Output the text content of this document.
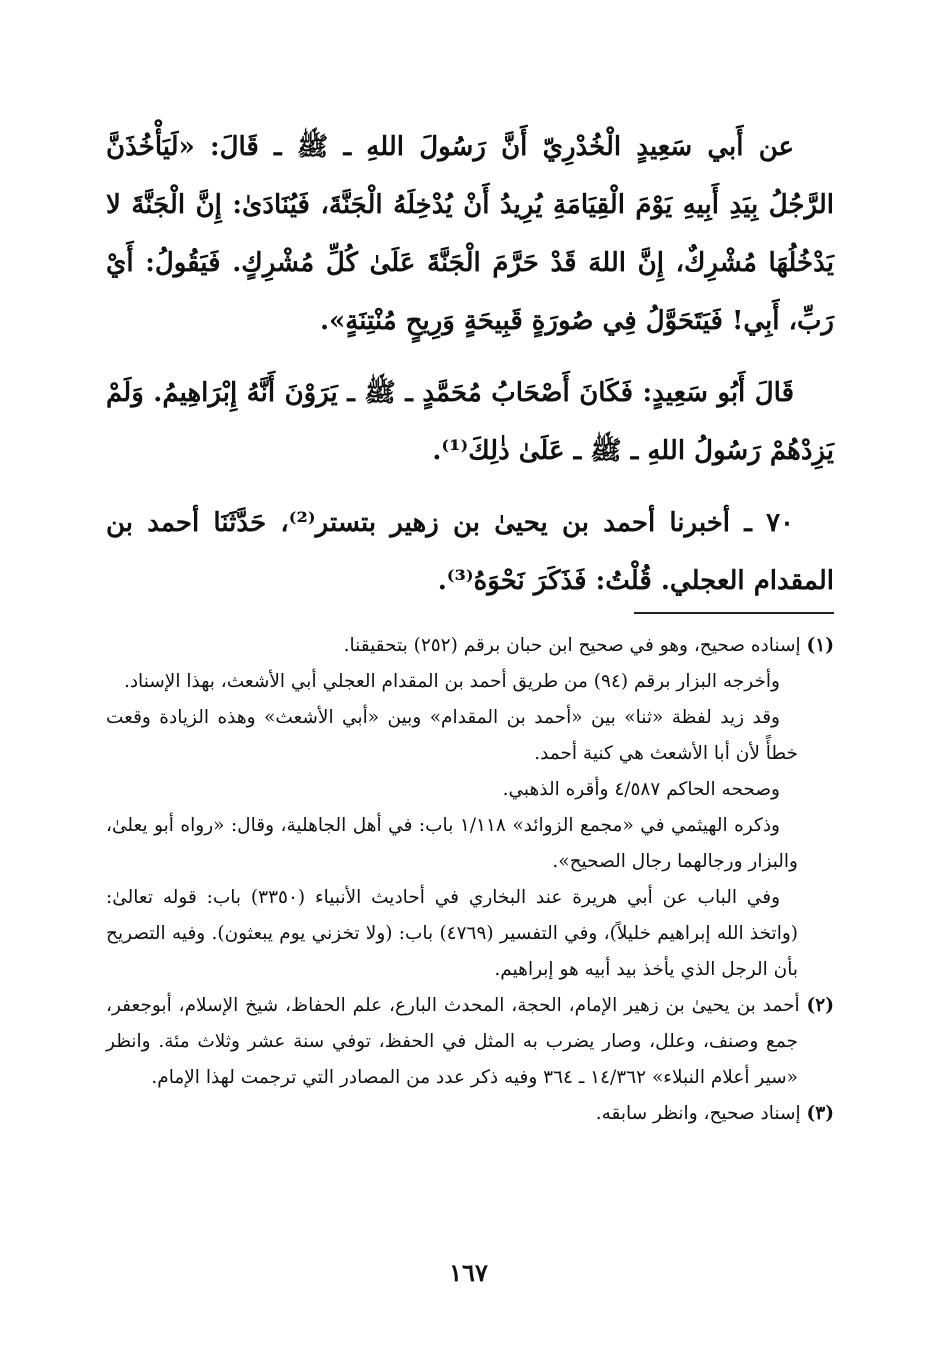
عن أَبي سَعِيدٍ الْخُدْرِيّ أَنَّ رَسُولَ اللهِ ـ ﷺ ـ قَالَ: «لَيَأْخُذَنَّ الرَّجُلُ بِيَدِ أَبِيهِ يَوْمَ الْقِيَامَةِ يُرِيدُ أَنْ يُدْخِلَهُ الْجَنَّةَ، فَيُنَادَىٰ: إِنَّ الْجَنَّةَ لا يَدْخُلُهَا مُشْرِكٌ، إِنَّ اللهَ قَدْ حَرَّمَ الْجَنَّةَ عَلَىٰ كُلِّ مُشْرِكٍ. فَيَقُولُ: أَيْ رَبِّ، أَبِي! فَيَتَحَوَّلُ فِي صُورَةٍ قَبِيحَةٍ وَرِيحٍ مُنْتِنَةٍ».

قَالَ أَبُو سَعِيدٍ: فَكَانَ أَصْحَابُ مُحَمَّدٍ ـ ﷺ ـ يَرَوْنَ أَنَّهُ إِبْرَاهِيمُ. وَلَمْ يَزِدْهُمْ رَسُولُ اللهِ ـ ﷺ ـ عَلَىٰ ذٰلِكَ⁽¹⁾.

٧٠ ـ أخبرنا أحمد بن يحيىٰ بن زهير بتستر⁽²⁾، حَدَّثَنَا أحمد بن المقدام العجلي. قُلْتُ: فَذَكَرَ نَحْوَهُ⁽³⁾.

(١) إسناده صحيح، وهو في صحيح ابن حبان برقم (٢٥٢) بتحقيقنا.

وأخرجه البزار برقم (٩٤) من طريق أحمد بن المقدام العجلي أبي الأشعث، بهذا الإسناد.

وقد زيد لفظة «ثنا» بين «أحمد بن المقدام» وبين «أبي الأشعث» وهذه الزيادة وقعت خطأً لأن أبا الأشعث هي كنية أحمد.

وصححه الحاكم ٤/٥٨٧ وأقره الذهبي.

وذكره الهيثمي في «مجمع الزوائد» ١/١١٨ باب: في أهل الجاهلية، وقال: «رواه أبو يعلىٰ، والبزار ورجالهما رجال الصحيح».

وفي الباب عن أبي هريرة عند البخاري في أحاديث الأنبياء (٣٣٥٠) باب: قوله تعالىٰ: (واتخذ الله إبراهيم خليلاً)، وفي التفسير (٤٧٦٩) باب: (ولا تخزني يوم يبعثون). وفيه التصريح بأن الرجل الذي يأخذ بيد أبيه هو إبراهيم.

(٢) أحمد بن يحيىٰ بن زهير الإمام، الحجة، المحدث البارع، علم الحفاظ، شيخ الإسلام، أبوجعفر، جمع وصنف، وعلل، وصار يضرب به المثل في الحفظ، توفي سنة عشر وثلاث مئة. وانظر «سير أعلام النبلاء» ١٤/٣٦٢ ـ ٣٦٤ وفيه ذكر عدد من المصادر التي ترجمت لهذا الإمام.

(٣) إسناد صحيح، وانظر سابقه.

١٦٧
